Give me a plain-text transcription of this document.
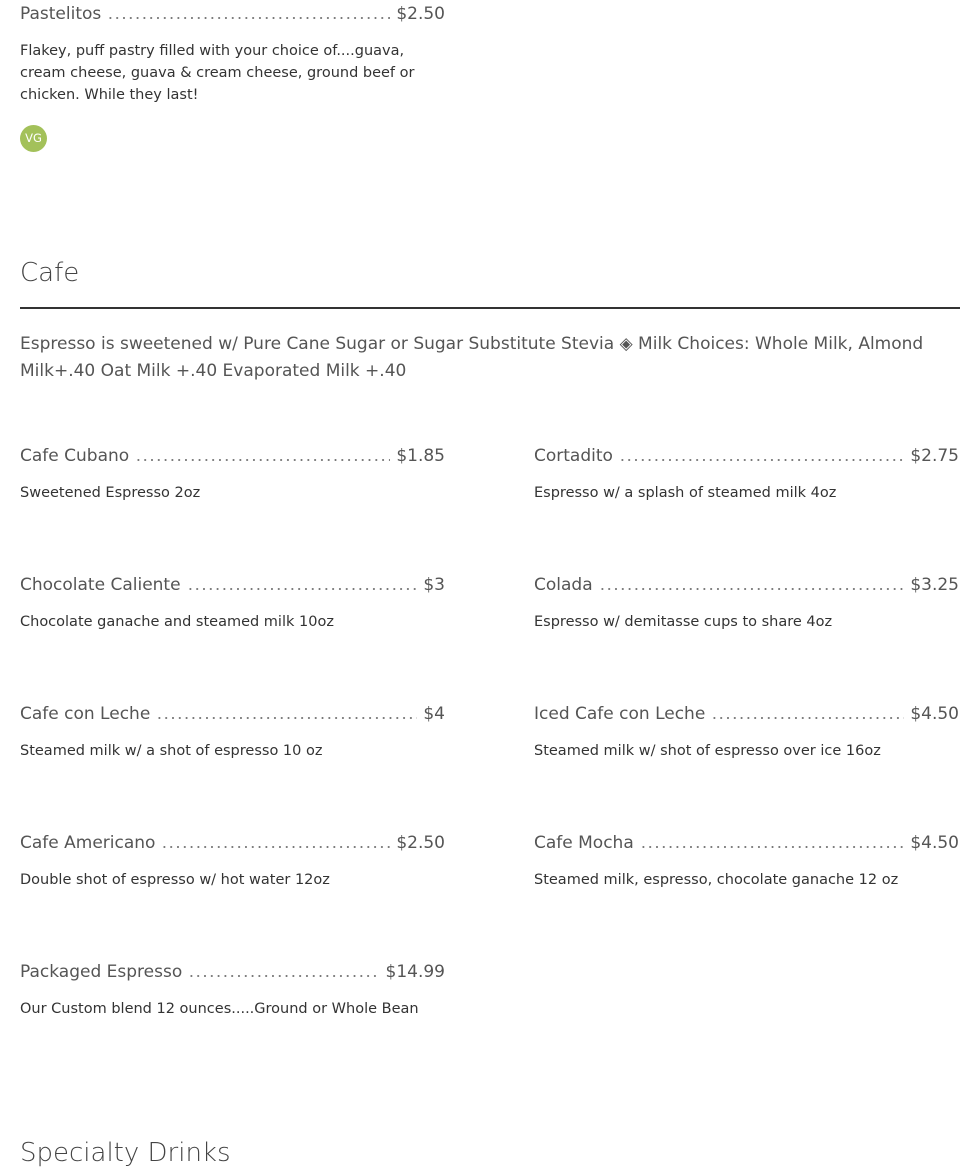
Pastelitos	$2.50
Flakey, puff pastry filled with your choice of....guava, cream cheese, guava & cream cheese, ground beef or chicken. While they last!
VG
Cafe
Espresso is sweetened w/ Pure Cane Sugar or Sugar Substitute Stevia ◈ Milk Choices: Whole Milk, Almond Milk+.40 Oat Milk +.40 Evaporated Milk +.40
Cafe Cubano	$1.85
Sweetened Espresso 2oz
Cortadito	$2.75
Espresso w/ a splash of steamed milk 4oz
Chocolate Caliente	$3
Chocolate ganache and steamed milk 10oz
Colada	$3.25
Espresso w/ demitasse cups to share 4oz
Cafe con Leche	$4
Steamed milk w/ a shot of espresso 10 oz
Iced Cafe con Leche	$4.50
Steamed milk w/ shot of espresso over ice 16oz
Cafe Americano	$2.50
Double shot of espresso w/ hot water 12oz
Cafe Mocha	$4.50
Steamed milk, espresso, chocolate ganache 12 oz
Packaged Espresso	$14.99
Our Custom blend 12 ounces.....Ground or Whole Bean
Specialty Drinks
